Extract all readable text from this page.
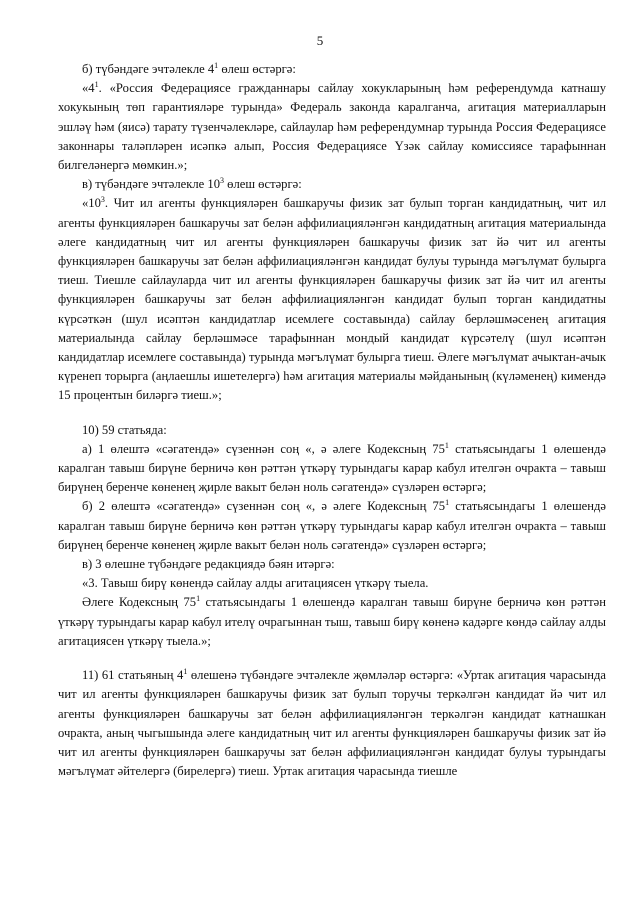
5

б) түбәндәге эчтәлекле $4^1$ өлеш өстәргә:

«$4^1$. «Россия Федерациясе гражданнары сайлау хокукларының һәм референдумда катнашу хокукының төп гарантияләре турында» Федераль законда каралганча, агитация материалларын эшләү һәм (яисә) тарату түзенчәлекләре, сайлаулар һәм референдумнар турында Россия Федерациясе законнары таләпләрен исәпкә алып, Россия Федерациясе Үзәк сайлау комиссиясе тарафыннан билгеләнергә мөмкин.»;

в) түбәндәге эчтәлекле $10^3$ өлеш өстәргә:

«$10^3$. Чит ил агенты функцияләрен башкаручы физик зат булып торган кандидатның, чит ил агенты функцияләрен башкаручы зат белән аффилиацияләнгән кандидатның агитация материалында әлеге кандидатның чит ил агенты функцияләрен башкаручы физик зат йә чит ил агенты функцияләрен башкаручы зат белән аффилиацияләнгән кандидат булуы турында мәгълүмат булырга тиеш. Тиешле сайлауларда чит ил агенты функцияләрен башкаручы физик зат йә чит ил агенты функцияләрен башкаручы зат белән аффилиацияләнгән кандидат булып торган кандидатны күрсәткән (шул исәптән кандидатлар исемлеге составында) сайлау берләшмәсенең агитация материалында сайлау берләшмәсе тарафыннан мондый кандидат күрсәтелү (шул исәптән кандидатлар исемлеге составында) турында мәгълүмат булырга тиеш. Әлеге мәгълүмат ачыктан-ачык күренеп торырга (аңлаешлы ишетелергә) һәм агитация материалы мәйданының (күләменең) кимендә 15 процентын биләргә тиеш.»;

10) 59 статьяда:

а) 1 өлештә «сәгатендә» сүзеннән соң «, ә әлеге Кодексның $75^1$ статьясындагы 1 өлешендә каралган тавыш бирүне берничә көн рәттән үткәрү турындагы карар кабул ителгән очракта – тавыш бирүнең беренче көненең җирле вакыт белән ноль сәгатендә» сүзләрен өстәргә;

б) 2 өлештә «сәгатендә» сүзеннән соң «, ә әлеге Кодексның $75^1$ статьясындагы 1 өлешендә каралган тавыш бирүне берничә көн рәттән үткәрү турындагы карар кабул ителгән очракта – тавыш бирүнең беренче көненең җирле вакыт белән ноль сәгатендә» сүзләрен өстәргә;

в) 3 өлешне түбәндәге редакциядә бәян итәргә:

«3. Тавыш бирү көнендә сайлау алды агитациясен үткәрү тыела.

Әлеге Кодексның $75^1$ статьясындагы 1 өлешендә каралган тавыш бирүне берничә көн рәттән үткәрү турындагы карар кабул ителү очрагыннан тыш, тавыш бирү көненә кадәрге көндә сайлау алды агитациясен үткәрү тыела.»;

11) 61 статьяның $4^1$ өлешенә түбәндәге эчтәлекле җөмләләр өстәргә: «Уртак агитация чарасында чит ил агенты функцияләрен башкаручы физик зат булып торучы теркәлгән кандидат йә чит ил агенты функцияләрен башкаручы зат белән аффилиацияләнгән теркәлгән кандидат катнашкан очракта, аның чыгышында әлеге кандидатның чит ил агенты функцияләрен башкаручы физик зат йә чит ил агенты функцияләрен башкаручы зат белән аффилиацияләнгән кандидат булуы турындагы мәгълүмат әйтелергә (бирелергә) тиеш. Уртак агитация чарасында тиешле
